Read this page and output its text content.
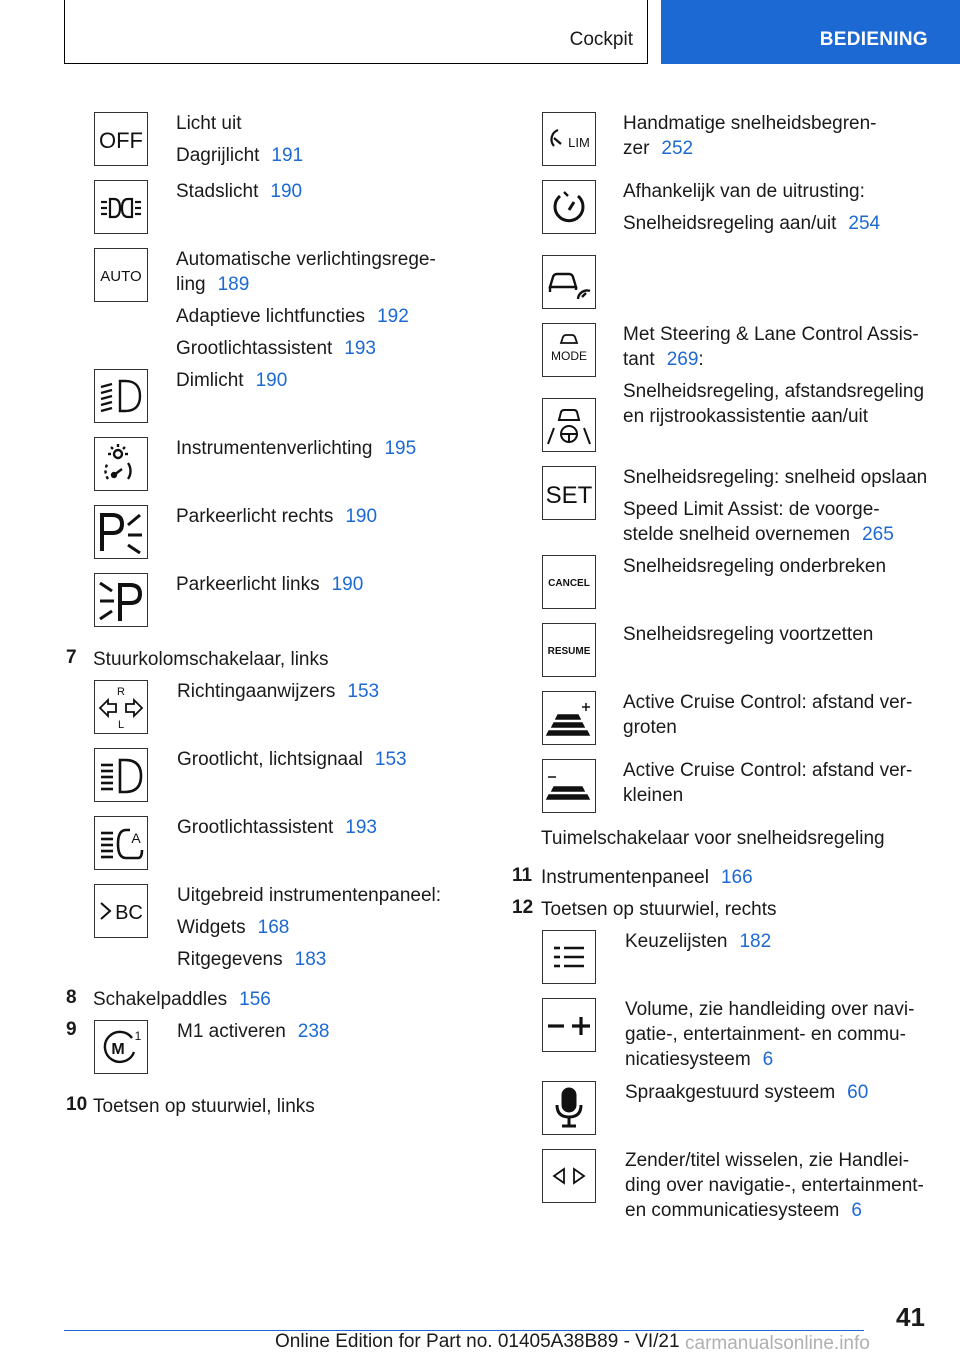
Cockpit	BEDIENING
OFF

Licht uit

Dagrijlicht 191

Stadslicht 190

AUTO

Automatische verlichtingsrege-

ling 189

Adaptieve lichtfuncties 192

Grootlichtassistent 193

Dimlicht 190

Instrumentenverlichting 195

Parkeerlicht rechts 190

Parkeerlicht links 190

7 Stuurkolomschakelaar, links
R
L

Richtingaanwijzers 153

Grootlicht, lichtsignaal 153

A Grootlichtassistent 193

BC

Uitgebreid instrumentenpaneel:

Widgets 168

Ritgegevens 183

8 Schakelpaddles 156
9
M
1 M1 activeren 238

10 Toetsen op stuurwiel, links
LIM

Handmatige snelheidsbegren-

zer 252

Afhankelijk van de uitrusting:

Snelheidsregeling aan/uit 254

MODE

Met Steering & Lane Control Assis-

tant 269:

Snelheidsregeling, afstandsregeling

en rijstrookassistentie aan/uit

SET

Snelheidsregeling: snelheid opslaan

Speed Limit Assist: de voorge-

stelde snelheid overnemen 265

CANCEL

Snelheidsregeling onderbreken

RESUME

Snelheidsregeling voortzetten

Active Cruise Control: afstand ver-

groten

Active Cruise Control: afstand ver-

kleinen

Tuimelschakelaar voor snelheidsregeling
11 Instrumentenpaneel 166
12 Toetsen op stuurwiel, rechts

Keuzelijsten 182

Volume, zie handleiding over navi-

gatie-, entertainment- en commu-

nicatiesysteem 6

Spraakgestuurd systeem 60

Zender/titel wisselen, zie Handlei-

ding over navigatie-, entertainment-

en communicatiesysteem 6

41
Online Edition for Part no. 01405A38B89 - VI/21 carmanualsonline.info
